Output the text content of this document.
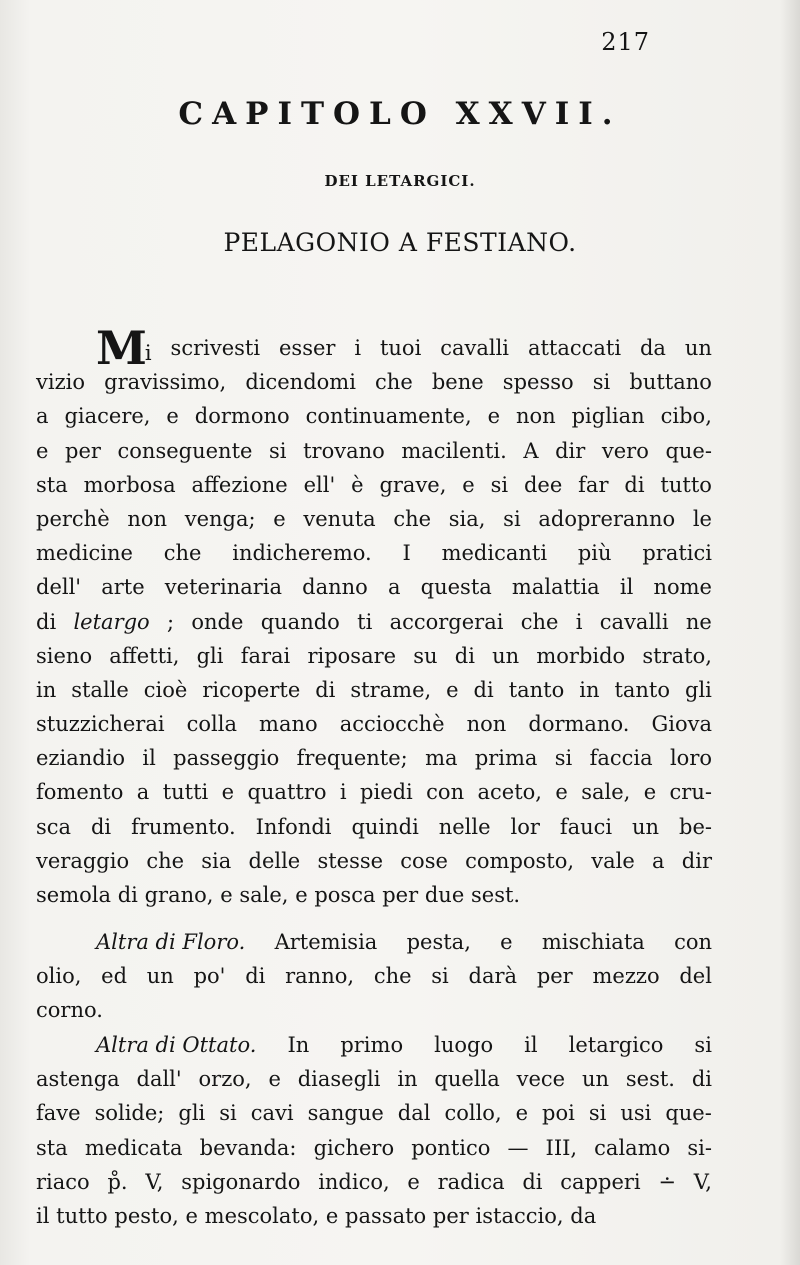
217
CAPITOLO XXVII.
DEI LETARGICI.
PELAGONIO A FESTIANO.
Mi scrivesti esser i tuoi cavalli attaccati da un
vizio gravissimo, dicendomi che bene spesso si buttano
a giacere, e dormono continuamente, e non piglian cibo,
e per conseguente si trovano macilenti. A dir vero que-
sta morbosa affezione ell' è grave, e si dee far di tutto
perchè non venga; e venuta che sia, si adopreranno le
medicine che indicheremo. I medicanti più pratici
dell' arte veterinaria danno a questa malattia il nome
di letargo ; onde quando ti accorgerai che i cavalli ne
sieno affetti, gli farai riposare su di un morbido strato,
in stalle cioè ricoperte di strame, e di tanto in tanto gli
stuzzicherai colla mano acciocchè non dormano. Giova
eziandio il passeggio frequente; ma prima si faccia loro
fomento a tutti e quattro i piedi con aceto, e sale, e cru-
sca di frumento. Infondi quindi nelle lor fauci un be-
veraggio che sia delle stesse cose composto, vale a dir
semola di grano, e sale, e posca per due sest.
Altra di Floro. Artemisia pesta, e mischiata con
olio, ed un po' di ranno, che si darà per mezzo del
corno.
Altra di Ottato. In primo luogo il letargico si
astenga dall' orzo, e diasegli in quella vece un sest. di
fave solide; gli si cavi sangue dal collo, e poi si usi que-
sta medicata bevanda: gichero pontico — III, calamo si-
riaco p̊. V, spigonardo indico, e radica di capperi ∸ V,
il tutto pesto, e mescolato, e passato per istaccio, da
